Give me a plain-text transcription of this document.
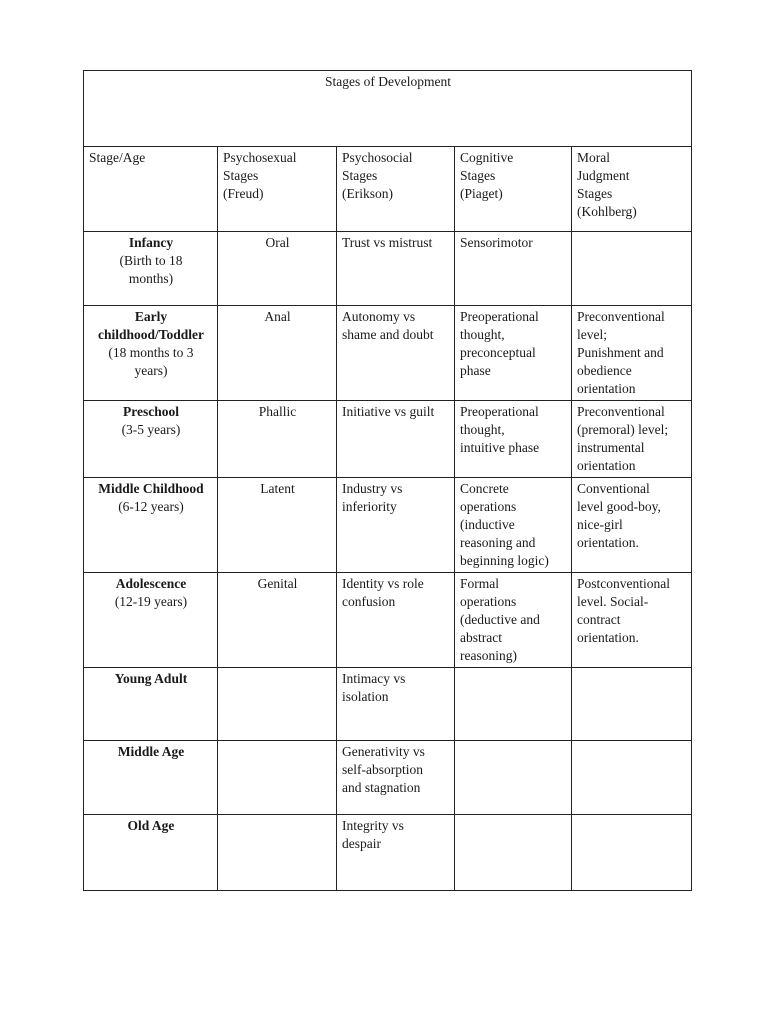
Stages of Development				
Stage/Age	Psychosexual
Stages
(Freud)	Psychosocial
Stages
(Erikson)	Cognitive
Stages
(Piaget)	Moral
Judgment
Stages
(Kohlberg)

Infancy
(Birth to 18
months)	Oral	Trust vs mistrust	Sensorimotor	

Early
childhood/Toddler
(18 months to 3
years)	Anal	Autonomy vs
shame and doubt	Preoperational
thought,
preconceptual
phase	Preconventional
level;
Punishment and
obedience
orientation

Preschool
(3-5 years)	Phallic	Initiative vs guilt	Preoperational
thought,
intuitive phase	Preconventional
(premoral) level;
instrumental
orientation

Middle Childhood
(6-12 years)	Latent	Industry vs
inferiority	Concrete
operations
(inductive
reasoning and
beginning logic)	Conventional
level good-boy,
nice-girl
orientation.

Adolescence
(12-19 years)	Genital	Identity vs role
confusion	Formal
operations
(deductive and
abstract
reasoning)	Postconventional
level. Social-
contract
orientation.

Young Adult		Intimacy vs
isolation		

Middle Age		Generativity vs
self-absorption
and stagnation		

Old Age		Integrity vs
despair		
